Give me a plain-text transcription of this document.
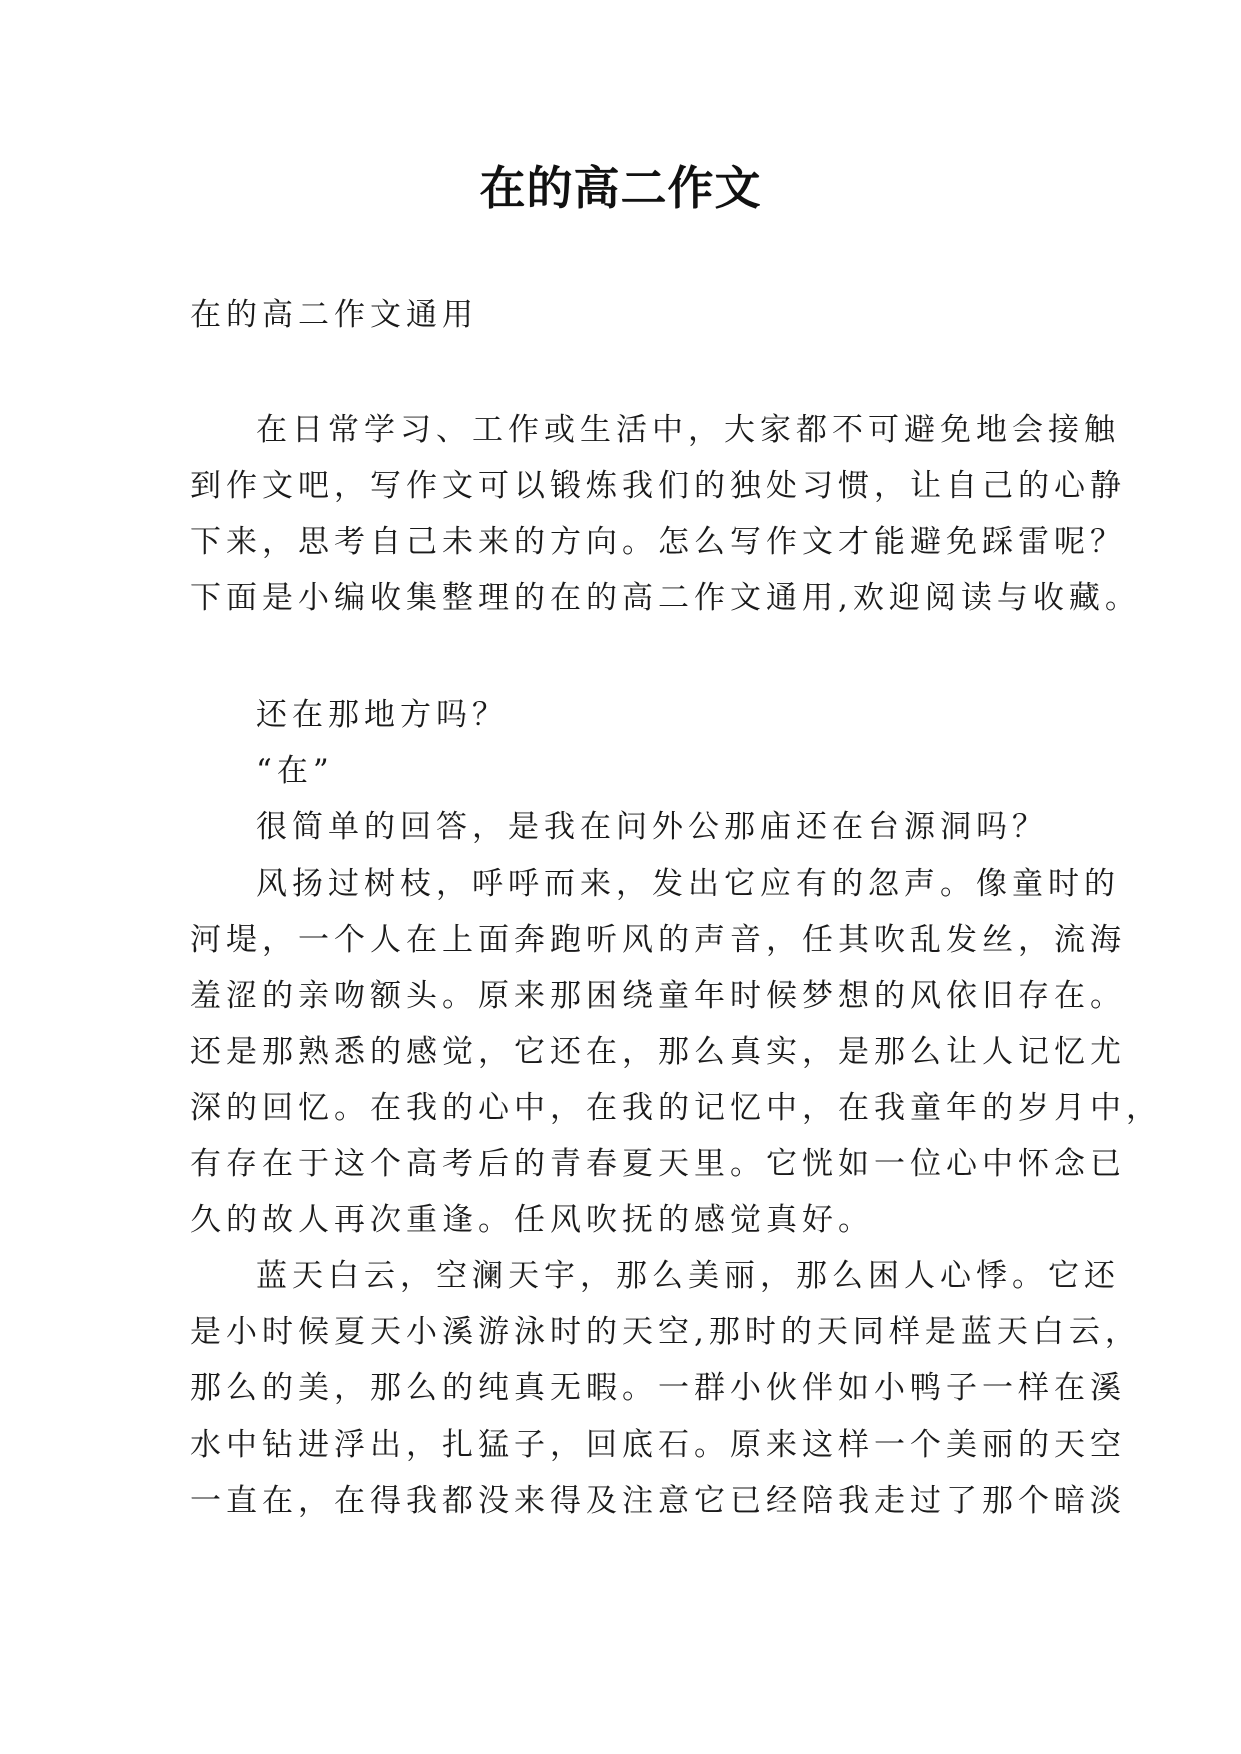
在的高二作文
在的高二作文通用
在日常学习、工作或生活中，大家都不可避免地会接触
到作文吧，写作文可以锻炼我们的独处习惯，让自己的心静
下来，思考自己未来的方向。怎么写作文才能避免踩雷呢？
下面是小编收集整理的在的高二作文通用,欢迎阅读与收藏。
还在那地方吗？
“在”
很简单的回答，是我在问外公那庙还在台源洞吗？
风扬过树枝，呼呼而来，发出它应有的忽声。像童时的
河堤，一个人在上面奔跑听风的声音，任其吹乱发丝，流海
羞涩的亲吻额头。原来那困绕童年时候梦想的风依旧存在。
还是那熟悉的感觉，它还在，那么真实，是那么让人记忆尤
深的回忆。在我的心中，在我的记忆中，在我童年的岁月中，
有存在于这个高考后的青春夏天里。它恍如一位心中怀念已
久的故人再次重逢。任风吹抚的感觉真好。
蓝天白云，空澜天宇，那么美丽，那么困人心悸。它还
是小时候夏天小溪游泳时的天空,那时的天同样是蓝天白云，
那么的美，那么的纯真无暇。一群小伙伴如小鸭子一样在溪
水中钻进浮出，扎猛子，回底石。原来这样一个美丽的天空
一直在，在得我都没来得及注意它已经陪我走过了那个暗淡
